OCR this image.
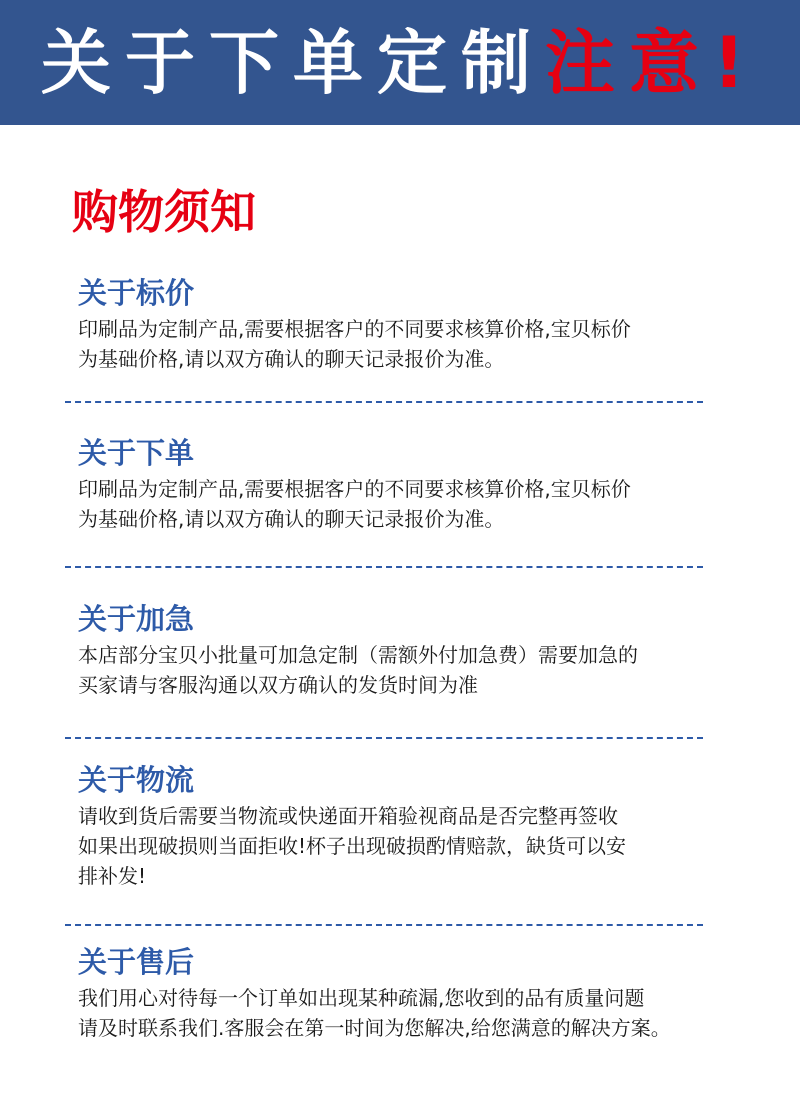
关于下单定制注意!
购物须知
关于标价

印刷品为定制产品,需要根据客户的不同要求核算价格,宝贝标价

为基础价格,请以双方确认的聊天记录报价为准。

关于下单

印刷品为定制产品,需要根据客户的不同要求核算价格,宝贝标价

为基础价格,请以双方确认的聊天记录报价为准。

关于加急

本店部分宝贝小批量可加急定制（需额外付加急费）需要加急的

买家请与客服沟通以双方确认的发货时间为准

关于物流

请收到货后需要当物流或快递面开箱验视商品是否完整再签收

如果出现破损则当面拒收!杯子出现破损酌情赔款，缺货可以安

排补发!

关于售后

我们用心对待每一个订单如出现某种疏漏,您收到的品有质量问题

请及时联系我们.客服会在第一时间为您解决,给您满意的解决方案。
